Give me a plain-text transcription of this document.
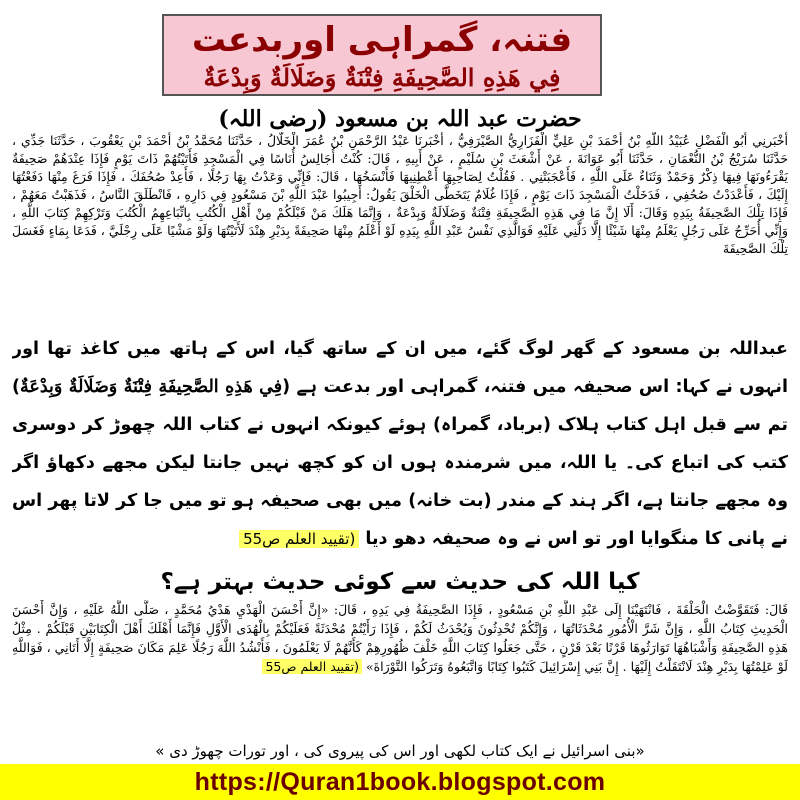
فتنہ، گمراہی اوربدعت
فِي هَذِهِ الصَّحِيفَةِ فِتْنَةٌ وَضَلَالَةٌ وَبِدْعَةٌ
حضرت عبد اللہ بن مسعود (رضی اللہ)
أَخْبَرنِي أَبُو الْفَضْلِ عُبَيْدُ اللَّهِ بْنُ أَحْمَدَ بْنِ عَلِيٍّ الْفَزَارِيُّ الصَّيْرَفِيُّ ، أَخْبَرنَا عَبْدُ الرَّحْمَنِ بْنُ عُمَرَ الْخَلَّالُ ، حَدَّثَنَا مُحَمَّدُ بْنُ أَحْمَدَ بْنِ يَعْقُوبَ ، حَدَّثَنَا جَدِّي ، حَدَّثَنَا سُرَيْجُ بْنُ النُّعْمَانِ ، حَدَّثَنَا أَبُو عَوَانَةَ ، عَنْ أَشْعَثَ بْنِ سُلَيْمٍ ، عَنْ أَبِيهِ ، قَالَ: كُنْتُ أُجَالِسُ أُنَاسًا فِي الْمَسْجِدِ فَأَتَيْتُهُمْ ذَاتَ يَوْمٍ فَإِذَا عِنْدَهُمْ صَحِيفَةٌ يَقْرَءُونَهَا فِيهَا ذِكْرٌ وَحَمْدٌ وَثَنَاءٌ عَلَى اللَّهِ ، فَأَعْجَبَتْنِي . فَقُلْتُ لِصَاحِبِهَا أَعْطِنِيهَا فَأَنْسَخُهَا ، قَالَ: فَإِنِّي وَعَدْتُ بِهَا رَجُلًا ، فَأَعِدْ صُحُفَكَ ، فَإِذَا فَرَغَ مِنْهَا دَفَعْتُهَا إِلَيْكَ ، فَأَعْدَدْتُ صُحُفِي ، فَدَخَلْتُ الْمَسْجِدَ ذَاتَ يَوْمٍ ، فَإِذَا غُلَامٌ يَتَخَطَّى الْخَلْقَ يَقُولُ: أَجِيبُوا عَبْدَ اللَّهِ بْنَ مَسْعُودٍ فِي دَارِهِ ، فَانْطَلَقَ النَّاسُ ، فَذَهَبْتُ مَعَهُمْ ، فَإِذَا تِلْكَ الصَّحِيفَةُ بِيَدِهِ وَقَالَ: أَلَا إِنَّ مَا فِي هَذِهِ الصَّحِيفَةِ فِتْنَةٌ وَضَلَالَةٌ وَبِدْعَةٌ ، وَإِنَّمَا هَلَكَ مَنْ قَبْلَكُمْ مِنْ أَهْلِ الْكُتُبِ بِاتِّبَاعِهِمُ الْكُتُبَ وَتَرْكِهِمْ كِتَابَ اللَّهِ ، وَإِنِّي أُحَرِّجُ عَلَى رَجُلٍ يَعْلَمُ مِنْهَا شَيْئًا إِلَّا دَلَّنِي عَلَيْهِ فَوَالَّذِي نَفْسُ عَبْدِ اللَّهِ بِيَدِهِ لَوْ أَعْلَمُ مِنْهَا صَحِيفَةً بِدَيْرِ هِنْدَ لَأَتَيْتُهَا وَلَوْ مَشْيًا عَلَى رِجْلَيَّ ، فَدَعَا بِمَاءٍ فَغَسَلَ تِلْكَ الصَّحِيفَةَ
عبداللہ بن مسعود کے گھر لوگ گئے، میں ان کے ساتھ گیا، اس کے ہاتھ میں کاغذ تھا اور انہوں نے کہا: اس صحیفہ میں فتنہ، گمراہی اور بدعت ہے (فِي هَذِهِ الصَّحِيفَةِ فِتْنَةٌ وَضَلَالَةٌ وَبِدْعَةٌ) تم سے قبل اہل کتاب ہلاک (برباد، گمراہ) ہوئے کیونکہ انہوں نے کتاب اللہ چھوڑ کر دوسری کتب کی اتباع کی۔ یا اللہ، میں شرمندہ ہوں ان کو کچھ نہیں جانتا لیکن مجھے دکھاؤ اگر وہ مجھے جانتا ہے، اگر ہند کے مندر (بت خانہ) میں بھی صحیفہ ہو تو میں جا کر لاتا پھر اس نے پانی کا منگوایا اور تو اس نے وہ صحیفہ دھو دیا (تقیید العلم ص55
کیا اللہ کی حدیث سے کوئی حدیث بہتر ہے؟
قَالَ: فَتَقَوَّضْتُ الْحَلْقَةَ ، فَانْتَهَيْنَا إِلَى عَبْدِ اللَّهِ بْنِ مَسْعُودٍ ، فَإِذَا الصَّحِيفَةُ فِي يَدِهِ ، قَالَ: «إِنَّ أَحْسَنَ الْهَدْيِ هَدْيُ مُحَمَّدٍ ، صَلَّى اللَّهُ عَلَيْهِ ، وَإِنَّ أَحْسَنَ الْحَدِيثِ كِتَابُ اللَّهِ ، وَإِنَّ شَرَّ الْأُمُورِ مُحْدَثَاتُهَا ، وَإِنَّكُمْ تُحْدِثُونَ وَيُحْدَثُ لَكُمْ ، فَإِذَا رَأَيْتُمْ مُحْدَثَةً فَعَلَيْكُمْ بِالْهُدَى الْأَوَّلِ فَإِنَّمَا أَهْلَكَ أَهْلَ الْكِتَابَيْنِ قَبْلَكُمْ . مِثْلُ هَذِهِ الصَّحِيفَةِ وَأَشْبَاهُهَا تَوَارَثُوهَا قَرْنًا بَعْدَ قَرْنٍ ، حَتَّى جَعَلُوا كِتَابَ اللَّهِ خَلْفَ ظُهُورِهِمْ كَأَنَّهُمْ لَا يَعْلَمُونَ ، فَأَنْشُدُ اللَّهَ رَجُلًا عَلِمَ مَكَانَ صَحِيفَةٍ إِلَّا أَتَانِي ، فَوَاللَّهِ لَوْ عَلِمْتُهَا بِدَيْرِ هِنْدَ لَانْتَقَلْتُ إِلَيْهَا . إِنَّ بَنِي إِسْرَائِيلَ كَتَبُوا كِتَابًا وَاتَّبَعُوهُ وَتَرَكُوا التَّوْرَاةَ» (تقیید العلم ص55
«بنی اسرائیل نے ایک کتاب لکھی اور اس کی پیروی کی ، اور تورات چھوڑ دی »
https://Quran1book.blogspot.com
